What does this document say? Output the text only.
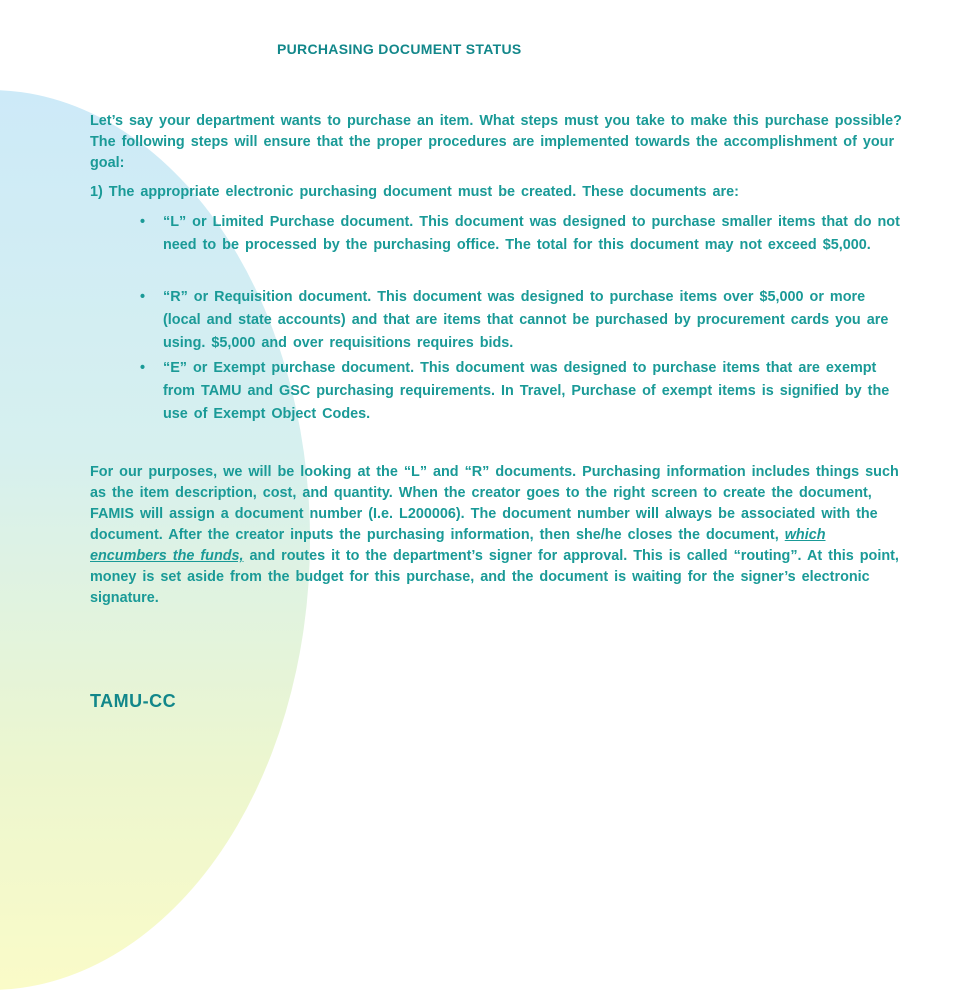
PURCHASING DOCUMENT STATUS
Let’s say your department wants to purchase an item. What steps must you take to make this purchase possible? The following steps will ensure that the proper procedures are implemented towards the accomplishment of your goal:
1) The appropriate electronic purchasing document must be created. These documents are:
• “L” or Limited Purchase document. This document was designed to purchase smaller items that do not need to be processed by the purchasing office. The total for this document may not exceed $5,000.
• “R” or Requisition document. This document was designed to purchase items over $5,000 or more (local and state accounts) and that are items that cannot be purchased by procurement cards you are using. $5,000 and over requisitions requires bids.
• “E” or Exempt purchase document. This document was designed to purchase items that are exempt from TAMU and GSC purchasing requirements. In Travel, Purchase of exempt items is signified by the use of Exempt Object Codes.
For our purposes, we will be looking at the “L” and “R” documents. Purchasing information includes things such as the item description, cost, and quantity. When the creator goes to the right screen to create the document, FAMIS will assign a document number (I.e. L200006). The document number will always be associated with the document. After the creator inputs the purchasing information, then she/he closes the document, which encumbers the funds, and routes it to the department’s signer for approval. This is called “routing”. At this point, money is set aside from the budget for this purchase, and the document is waiting for the signer’s electronic signature.
TAMU-CC
